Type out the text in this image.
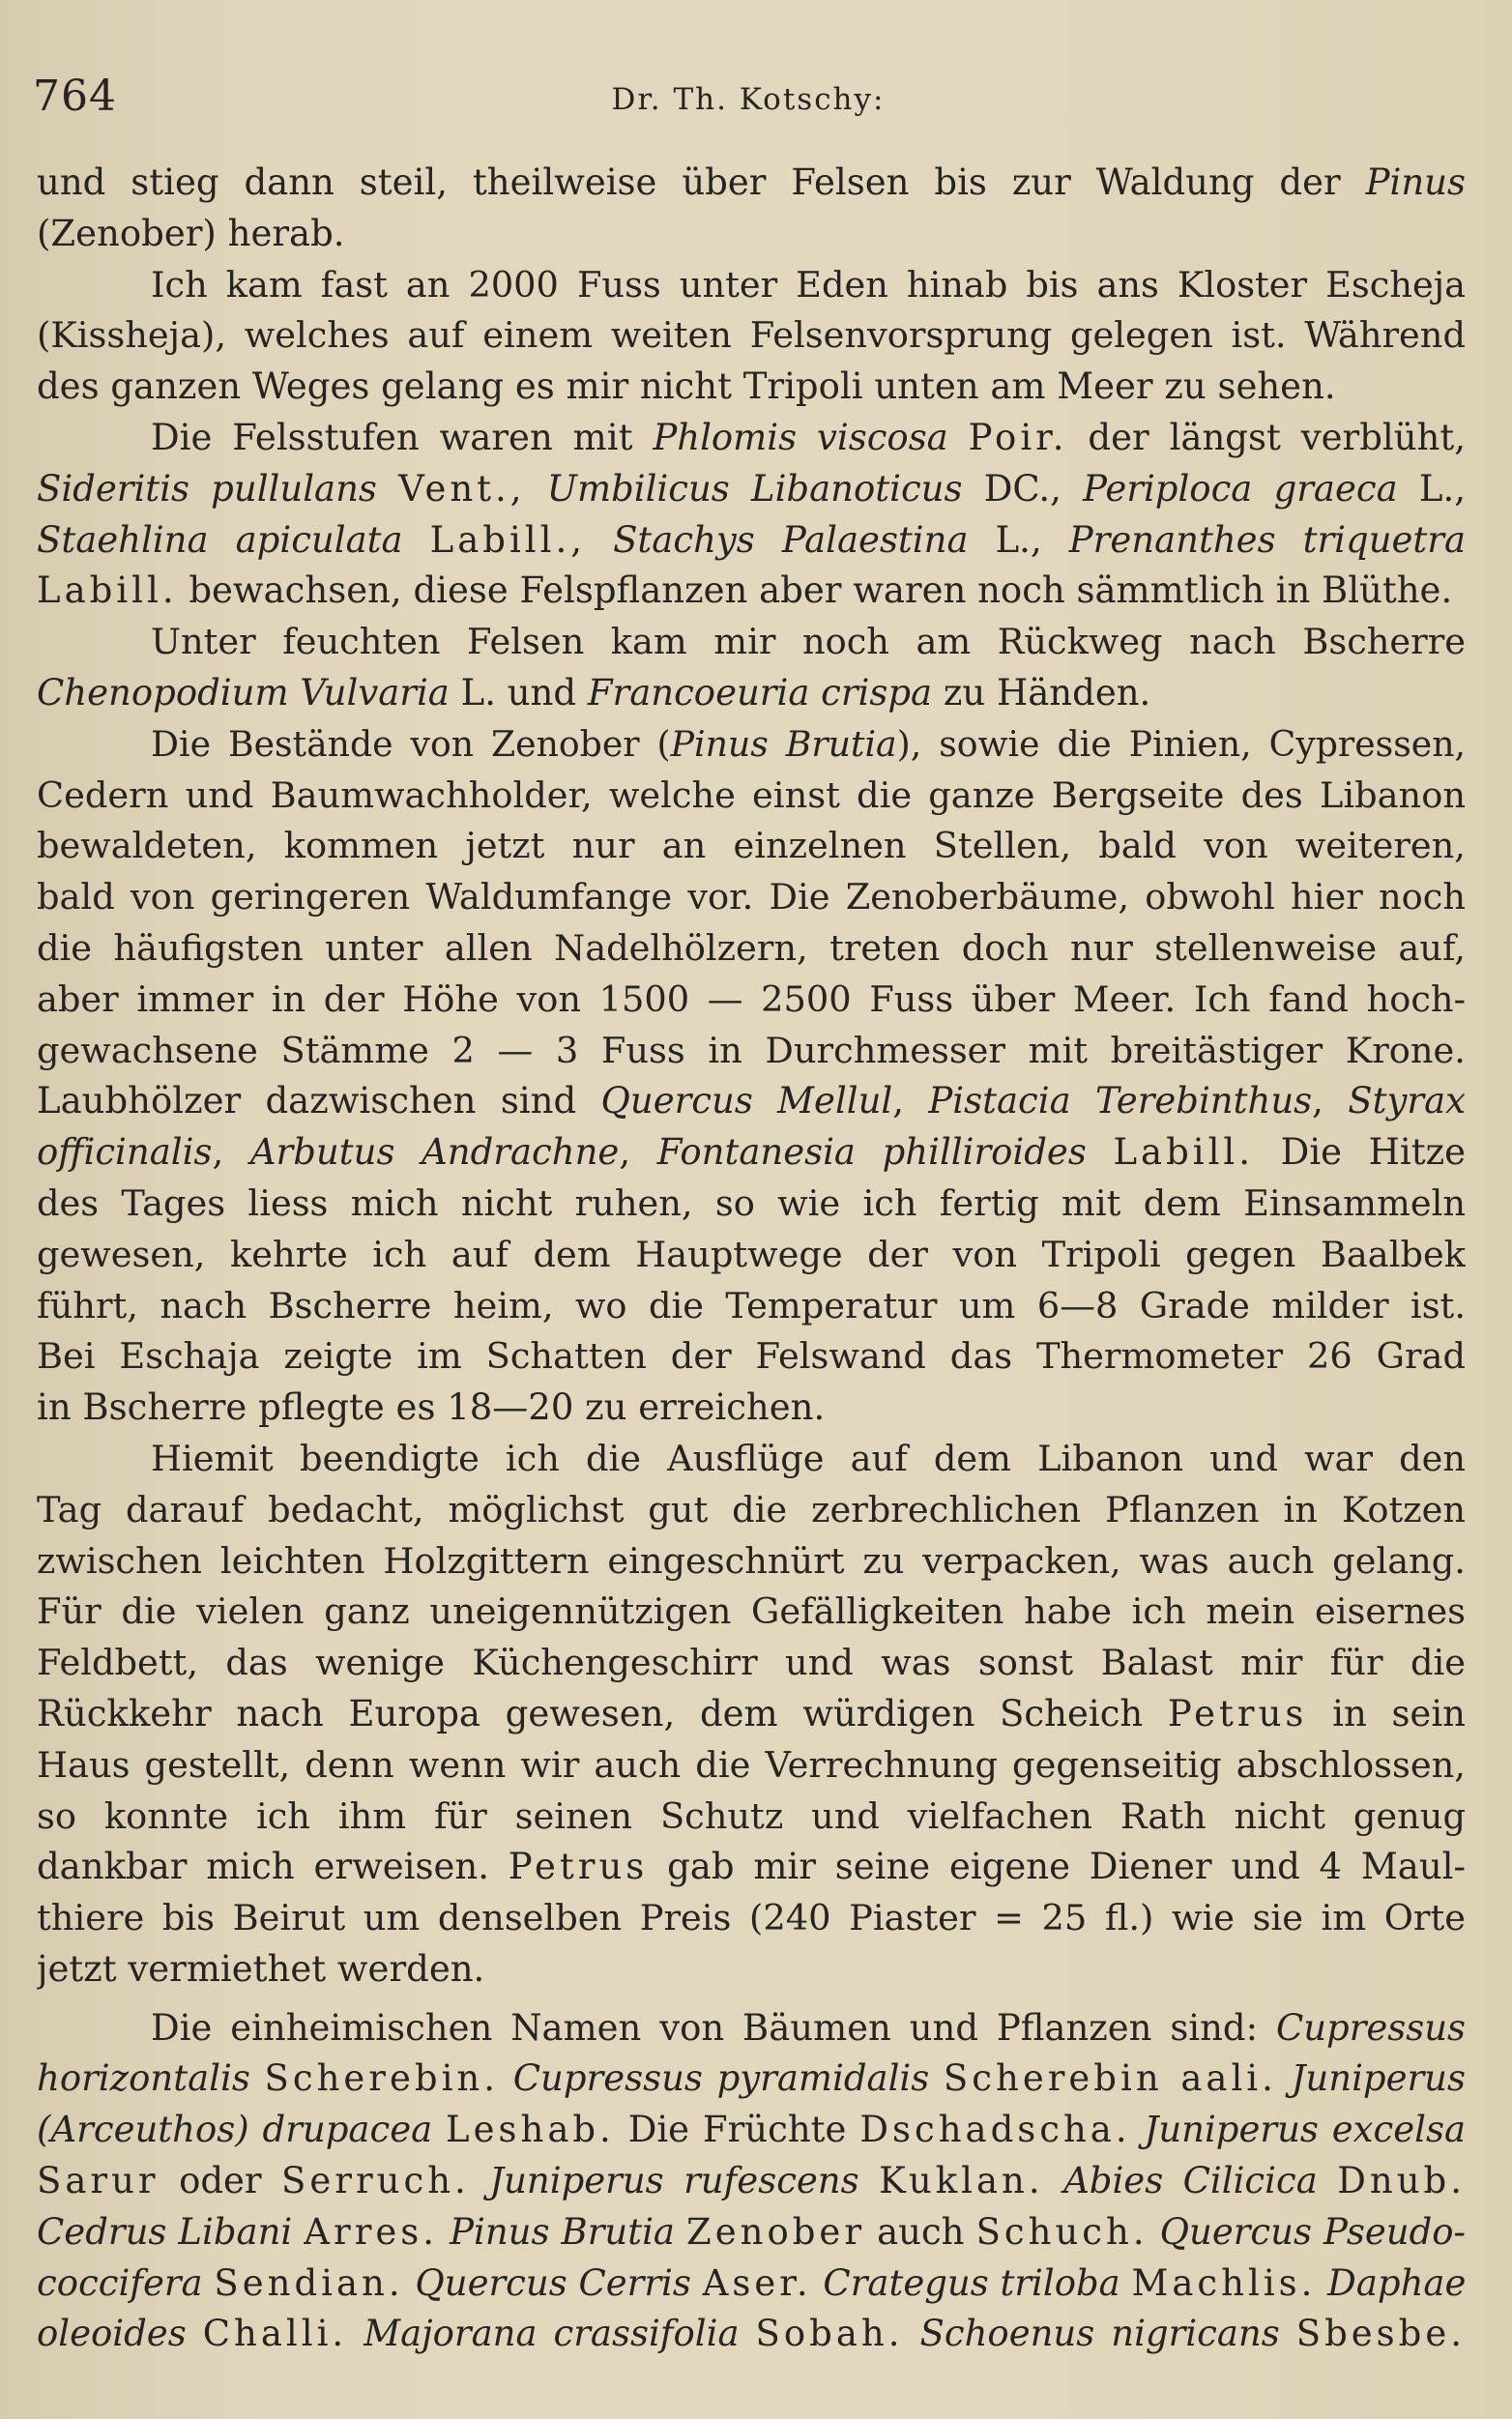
764	Dr. Th. Kotschy:
und stieg dann steil, theilweise über Felsen bis zur Waldung der Pinus
(Zenober) herab.
Ich kam fast an 2000 Fuss unter Eden hinab bis ans Kloster Escheja
(Kissheja), welches auf einem weiten Felsenvorsprung gelegen ist. Während
des ganzen Weges gelang es mir nicht Tripoli unten am Meer zu sehen.
Die Felsstufen waren mit Phlomis viscosa Poir. der längst verblüht,
Sideritis pullulans Vent., Umbilicus Libanoticus DC., Periploca graeca L.,
Staehlina apiculata Labill., Stachys Palaestina L., Prenanthes triquetra
Labill. bewachsen, diese Felspflanzen aber waren noch sämmtlich in Blüthe.
Unter feuchten Felsen kam mir noch am Rückweg nach Bscherre
Chenopodium Vulvaria L. und Francoeuria crispa zu Händen.
Die Bestände von Zenober (Pinus Brutia), sowie die Pinien, Cypressen,
Cedern und Baumwachholder, welche einst die ganze Bergseite des Libanon
bewaldeten, kommen jetzt nur an einzelnen Stellen, bald von weiteren,
bald von geringeren Waldumfange vor. Die Zenoberbäume, obwohl hier noch
die häufigsten unter allen Nadelhölzern, treten doch nur stellenweise auf,
aber immer in der Höhe von 1500 — 2500 Fuss über Meer. Ich fand hoch-
gewachsene Stämme 2 — 3 Fuss in Durchmesser mit breitästiger Krone.
Laubhölzer dazwischen sind Quercus Mellul, Pistacia Terebinthus, Styrax
officinalis, Arbutus Andrachne, Fontanesia philliroides Labill. Die Hitze
des Tages liess mich nicht ruhen, so wie ich fertig mit dem Einsammeln
gewesen, kehrte ich auf dem Hauptwege der von Tripoli gegen Baalbek
führt, nach Bscherre heim, wo die Temperatur um 6—8 Grade milder ist.
Bei Eschaja zeigte im Schatten der Felswand das Thermometer 26 Grad
in Bscherre pflegte es 18—20 zu erreichen.
Hiemit beendigte ich die Ausflüge auf dem Libanon und war den
Tag darauf bedacht, möglichst gut die zerbrechlichen Pflanzen in Kotzen
zwischen leichten Holzgittern eingeschnürt zu verpacken, was auch gelang.
Für die vielen ganz uneigennützigen Gefälligkeiten habe ich mein eisernes
Feldbett, das wenige Küchengeschirr und was sonst Balast mir für die
Rückkehr nach Europa gewesen, dem würdigen Scheich Petrus in sein
Haus gestellt, denn wenn wir auch die Verrechnung gegenseitig abschlossen,
so konnte ich ihm für seinen Schutz und vielfachen Rath nicht genug
dankbar mich erweisen. Petrus gab mir seine eigene Diener und 4 Maul-
thiere bis Beirut um denselben Preis (240 Piaster = 25 fl.) wie sie im Orte
jetzt vermiethet werden.
Die einheimischen Namen von Bäumen und Pflanzen sind: Cupressus
horizontalis Scherebin. Cupressus pyramidalis Scherebin aali. Juniperus
(Arceuthos) drupacea Leshab. Die Früchte Dschadscha. Juniperus excelsa
Sarur oder Serruch. Juniperus rufescens Kuklan. Abies Cilicica Dnub.
Cedrus Libani Arres. Pinus Brutia Zenober auch Schuch. Quercus Pseudo-
coccifera Sendian. Quercus Cerris Aser. Crategus triloba Machlis. Daphae
oleoides Challi. Majorana crassifolia Sobah. Schoenus nigricans Sbesbe.
